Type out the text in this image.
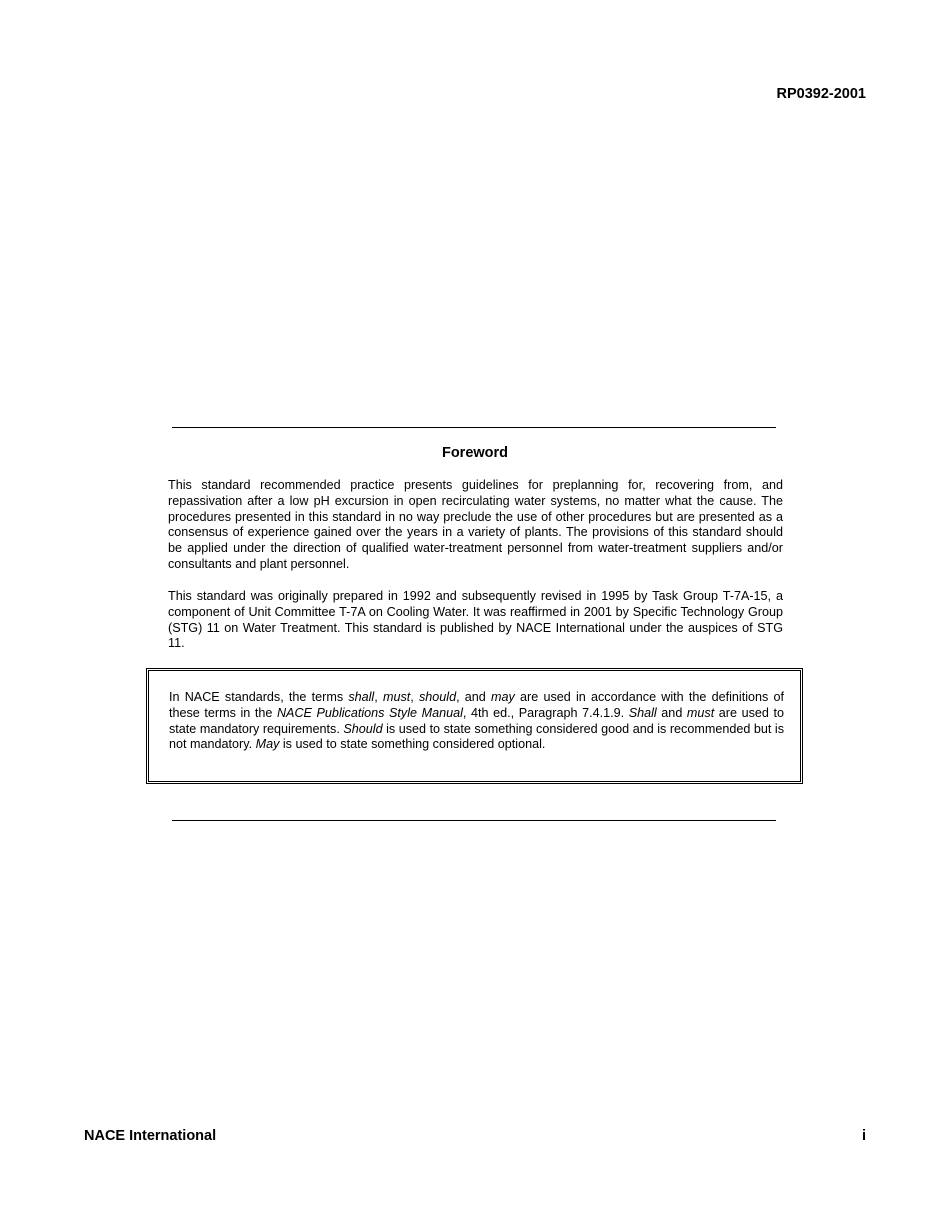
RP0392-2001
Foreword
This standard recommended practice presents guidelines for preplanning for, recovering from, and repassivation after a low pH excursion in open recirculating water systems, no matter what the cause. The procedures presented in this standard in no way preclude the use of other procedures but are presented as a consensus of experience gained over the years in a variety of plants. The provisions of this standard should be applied under the direction of qualified water-treatment personnel from water-treatment suppliers and/or consultants and plant personnel.
This standard was originally prepared in 1992 and subsequently revised in 1995 by Task Group T-7A-15, a component of Unit Committee T-7A on Cooling Water. It was reaffirmed in 2001 by Specific Technology Group (STG) 11 on Water Treatment. This standard is published by NACE International under the auspices of STG 11.
In NACE standards, the terms shall, must, should, and may are used in accordance with the definitions of these terms in the NACE Publications Style Manual, 4th ed., Paragraph 7.4.1.9. Shall and must are used to state mandatory requirements. Should is used to state something considered good and is recommended but is not mandatory. May is used to state something considered optional.
NACE International	i
